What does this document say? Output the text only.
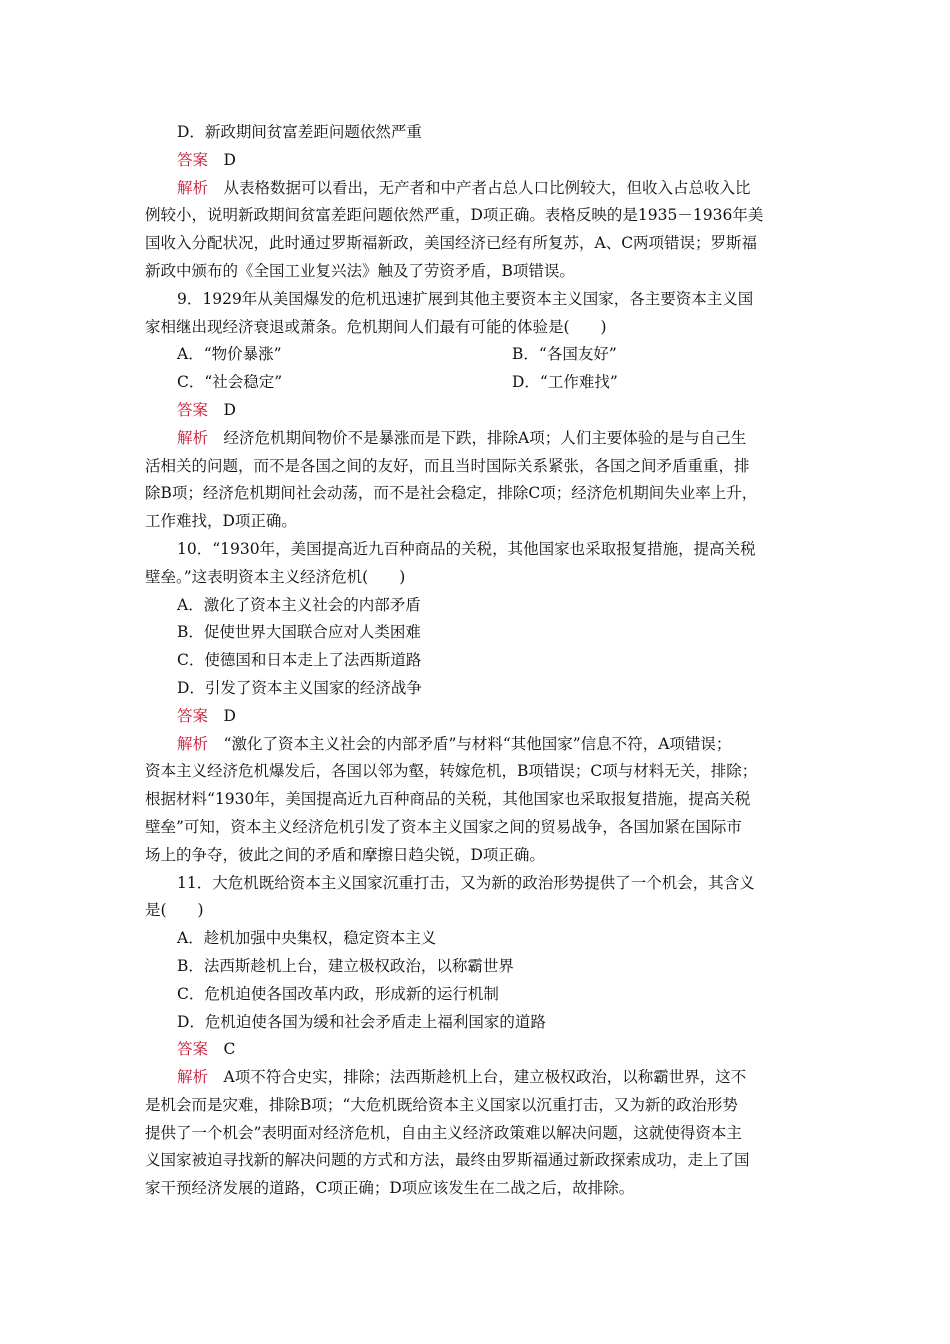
D．新政期间贫富差距问题依然严重
答案　 D
解析　 从表格数据可以看出，无产者和中产者占总人口比例较大，但收入占总收入比
例较小，说明新政期间贫富差距问题依然严重，D项正确。表格反映的是1935－1936年美
国收入分配状况，此时通过罗斯福新政，美国经济已经有所复苏，A、C两项错误；罗斯福
新政中颁布的《全国工业复兴法》触及了劳资矛盾，B项错误。
9．1929年从美国爆发的危机迅速扩展到其他主要资本主义国家，各主要资本主义国
家相继出现经济衰退或萧条。危机期间人们最有可能的体验是(　　)
A．“物价暴涨”	B．“各国友好”
C．“社会稳定”	D．“工作难找”
答案　 D
解析　 经济危机期间物价不是暴涨而是下跌，排除A项；人们主要体验的是与自己生
活相关的问题，而不是各国之间的友好，而且当时国际关系紧张，各国之间矛盾重重，排
除B项；经济危机期间社会动荡，而不是社会稳定，排除C项；经济危机期间失业率上升，
工作难找，D项正确。
10．“1930年，美国提高近九百种商品的关税，其他国家也采取报复措施，提高关税
壁垒。”这表明资本主义经济危机(　　)
A．激化了资本主义社会的内部矛盾
B．促使世界大国联合应对人类困难
C．使德国和日本走上了法西斯道路
D．引发了资本主义国家的经济战争
答案　 D
解析　 “激化了资本主义社会的内部矛盾”与材料“其他国家”信息不符，A项错误；
资本主义经济危机爆发后，各国以邻为壑，转嫁危机，B项错误；C项与材料无关，排除；
根据材料“1930年，美国提高近九百种商品的关税，其他国家也采取报复措施，提高关税
壁垒”可知，资本主义经济危机引发了资本主义国家之间的贸易战争，各国加紧在国际市
场上的争夺，彼此之间的矛盾和摩擦日趋尖锐，D项正确。
11．大危机既给资本主义国家沉重打击，又为新的政治形势提供了一个机会，其含义
是(　　)
A．趁机加强中央集权，稳定资本主义
B．法西斯趁机上台，建立极权政治，以称霸世界
C．危机迫使各国改革内政，形成新的运行机制
D．危机迫使各国为缓和社会矛盾走上福利国家的道路
答案　 C
解析　 A项不符合史实，排除；法西斯趁机上台，建立极权政治，以称霸世界，这不
是机会而是灾难，排除B项；“大危机既给资本主义国家以沉重打击，又为新的政治形势
提供了一个机会”表明面对经济危机，自由主义经济政策难以解决问题，这就使得资本主
义国家被迫寻找新的解决问题的方式和方法，最终由罗斯福通过新政探索成功，走上了国
家干预经济发展的道路，C项正确；D项应该发生在二战之后，故排除。
